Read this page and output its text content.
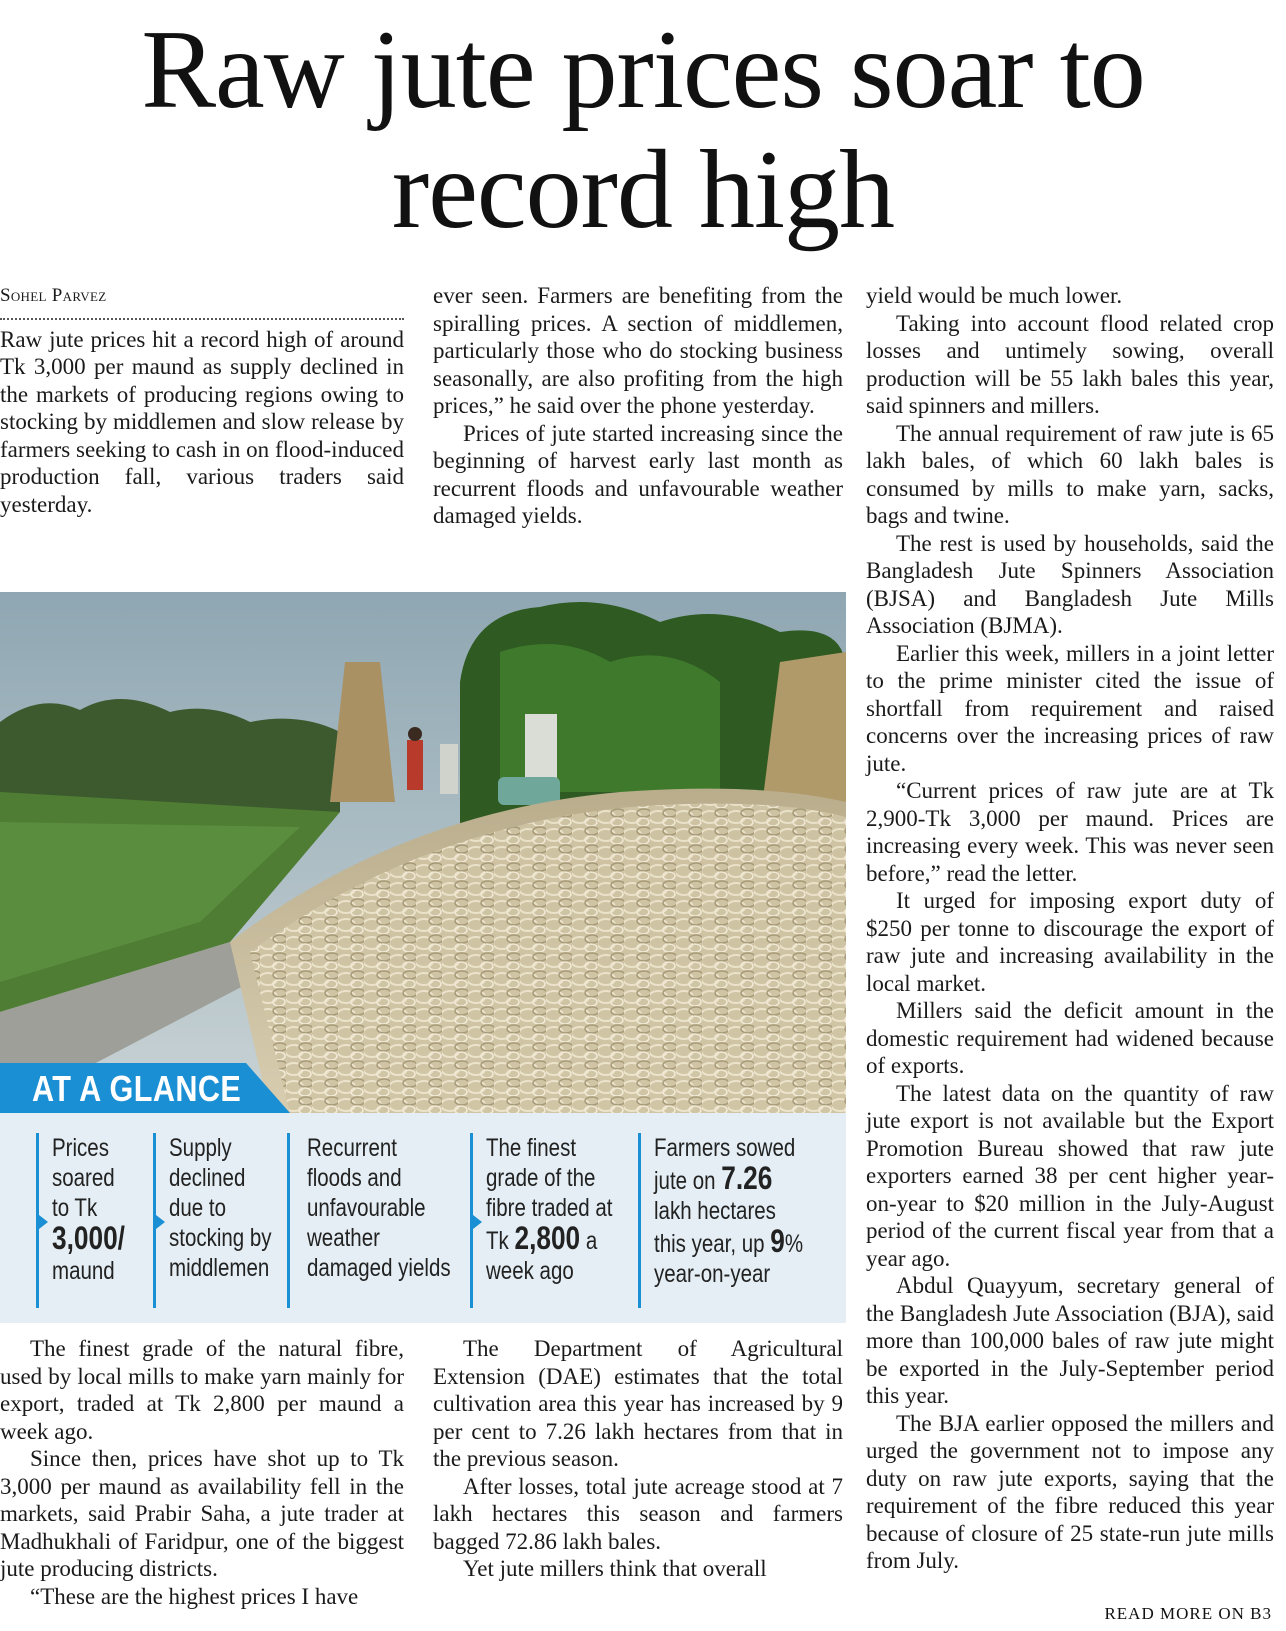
Raw jute prices soar to
record high
Sohel Parvez

Raw jute prices hit a record high of around Tk 3,000 per maund as supply declined in the markets of producing regions owing to stocking by middlemen and slow release by farmers seeking to cash in on flood-induced production fall, various traders said yesterday.

ever seen. Farmers are benefiting from the spiralling prices. A section of middlemen, particularly those who do stocking business seasonally, are also profiting from the high prices,” he said over the phone yesterday.

Prices of jute started increasing since the beginning of harvest early last month as recurrent floods and unfavourable weather damaged yields.

yield would be much lower.

Taking into account flood related crop losses and untimely sowing, overall production will be 55 lakh bales this year, said spinners and millers.

The annual requirement of raw jute is 65 lakh bales, of which 60 lakh bales is consumed by mills to make yarn, sacks, bags and twine.

The rest is used by households, said the Bangladesh Jute Spinners Association (BJSA) and Bangladesh Jute Mills Association (BJMA).

Earlier this week, millers in a joint letter to the prime minister cited the issue of shortfall from requirement and raised concerns over the increasing prices of raw jute.

“Current prices of raw jute are at Tk 2,900-Tk 3,000 per maund. Prices are increasing every week. This was never seen before,” read the letter.

It urged for imposing export duty of $250 per tonne to discourage the export of raw jute and increasing availability in the local market.

Millers said the deficit amount in the domestic requirement had widened because of exports.

The latest data on the quantity of raw jute export is not available but the Export Promotion Bureau showed that raw jute exporters earned 38 per cent higher year-on-year to $20 million in the July-August period of the current fiscal year from that a year ago.

Abdul Quayyum, secretary general of the Bangladesh Jute Association (BJA), said more than 100,000 bales of raw jute might be exported in the July-September period this year.

The BJA earlier opposed the millers and urged the government not to impose any duty on raw jute exports, saying that the requirement of the fibre reduced this year because of closure of 25 state-run jute mills from July.

AT A GLANCE
Prices
soared
to Tk
3,000/
maund
Supply
declined
due to
stocking by
middlemen
Recurrent
floods and
unfavourable
weather
damaged yields
The finest
grade of the
fibre traded at
Tk 2,800 a
week ago
Farmers sowed
jute on 7.26
lakh hectares
this year, up 9%
year-on-year

The finest grade of the natural fibre, used by local mills to make yarn mainly for export, traded at Tk 2,800 per maund a week ago.

Since then, prices have shot up to Tk 3,000 per maund as availability fell in the markets, said Prabir Saha, a jute trader at Madhukhali of Faridpur, one of the biggest jute producing districts.

“These are the highest prices I have

The Department of Agricultural Extension (DAE) estimates that the total cultivation area this year has increased by 9 per cent to 7.26 lakh hectares from that in the previous season.

After losses, total jute acreage stood at 7 lakh hectares this season and farmers bagged 72.86 lakh bales.

Yet jute millers think that overall

READ MORE ON B3
